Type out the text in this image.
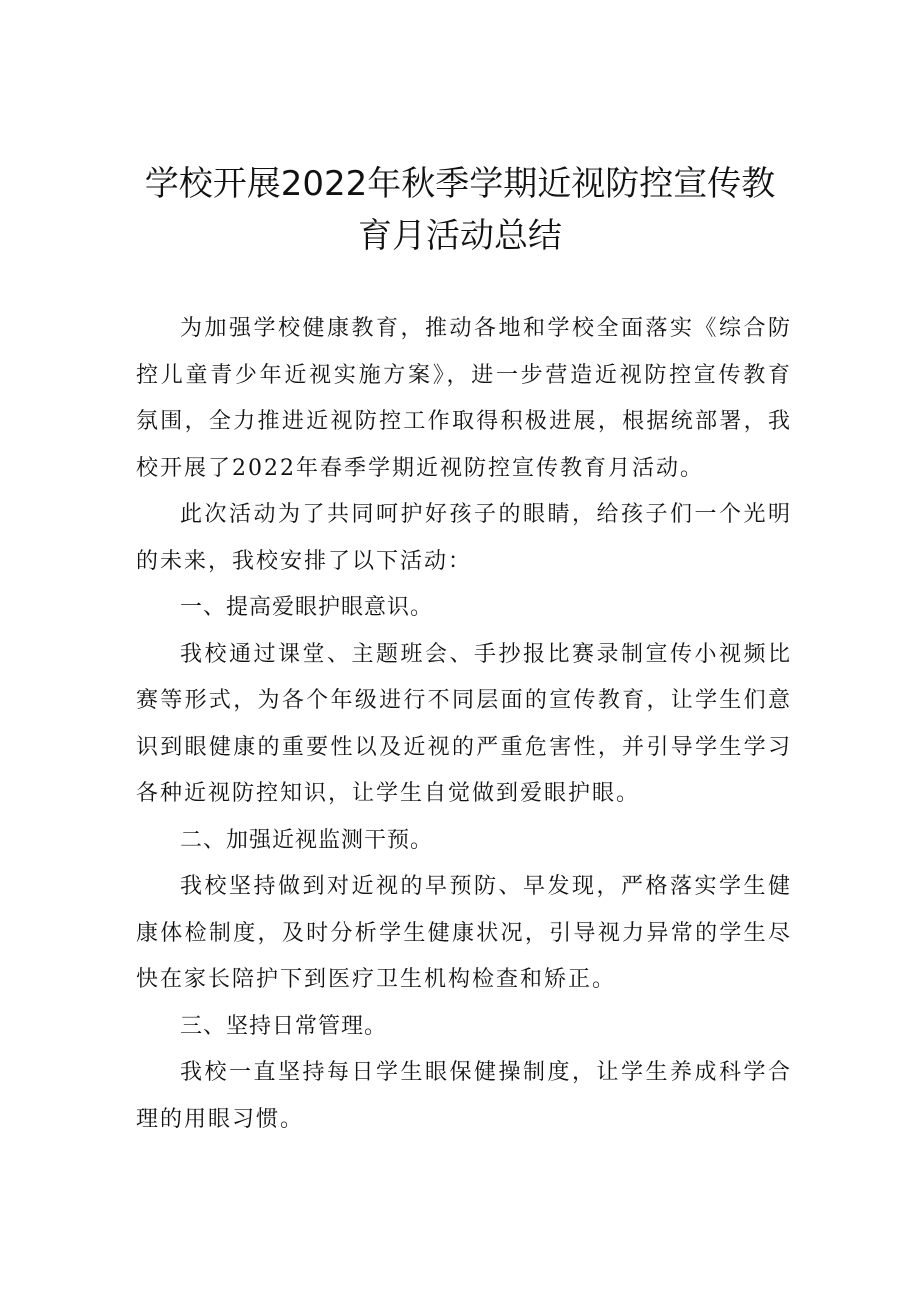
学校开展2022年秋季学期近视防控宣传教
育月活动总结

为加强学校健康教育，推动各地和学校全面落实《综合防控儿童青少年近视实施方案》，进一步营造近视防控宣传教育氛围，全力推进近视防控工作取得积极进展，根据统部署，我校开展了2022年春季学期近视防控宣传教育月活动。

此次活动为了共同呵护好孩子的眼睛，给孩子们一个光明的未来，我校安排了以下活动：

一、提高爱眼护眼意识。

我校通过课堂、主题班会、手抄报比赛录制宣传小视频比赛等形式，为各个年级进行不同层面的宣传教育，让学生们意识到眼健康的重要性以及近视的严重危害性，并引导学生学习各种近视防控知识，让学生自觉做到爱眼护眼。

二、加强近视监测干预。

我校坚持做到对近视的早预防、早发现，严格落实学生健康体检制度，及时分析学生健康状况，引导视力异常的学生尽快在家长陪护下到医疗卫生机构检查和矫正。

三、坚持日常管理。

我校一直坚持每日学生眼保健操制度，让学生养成科学合理的用眼习惯。
